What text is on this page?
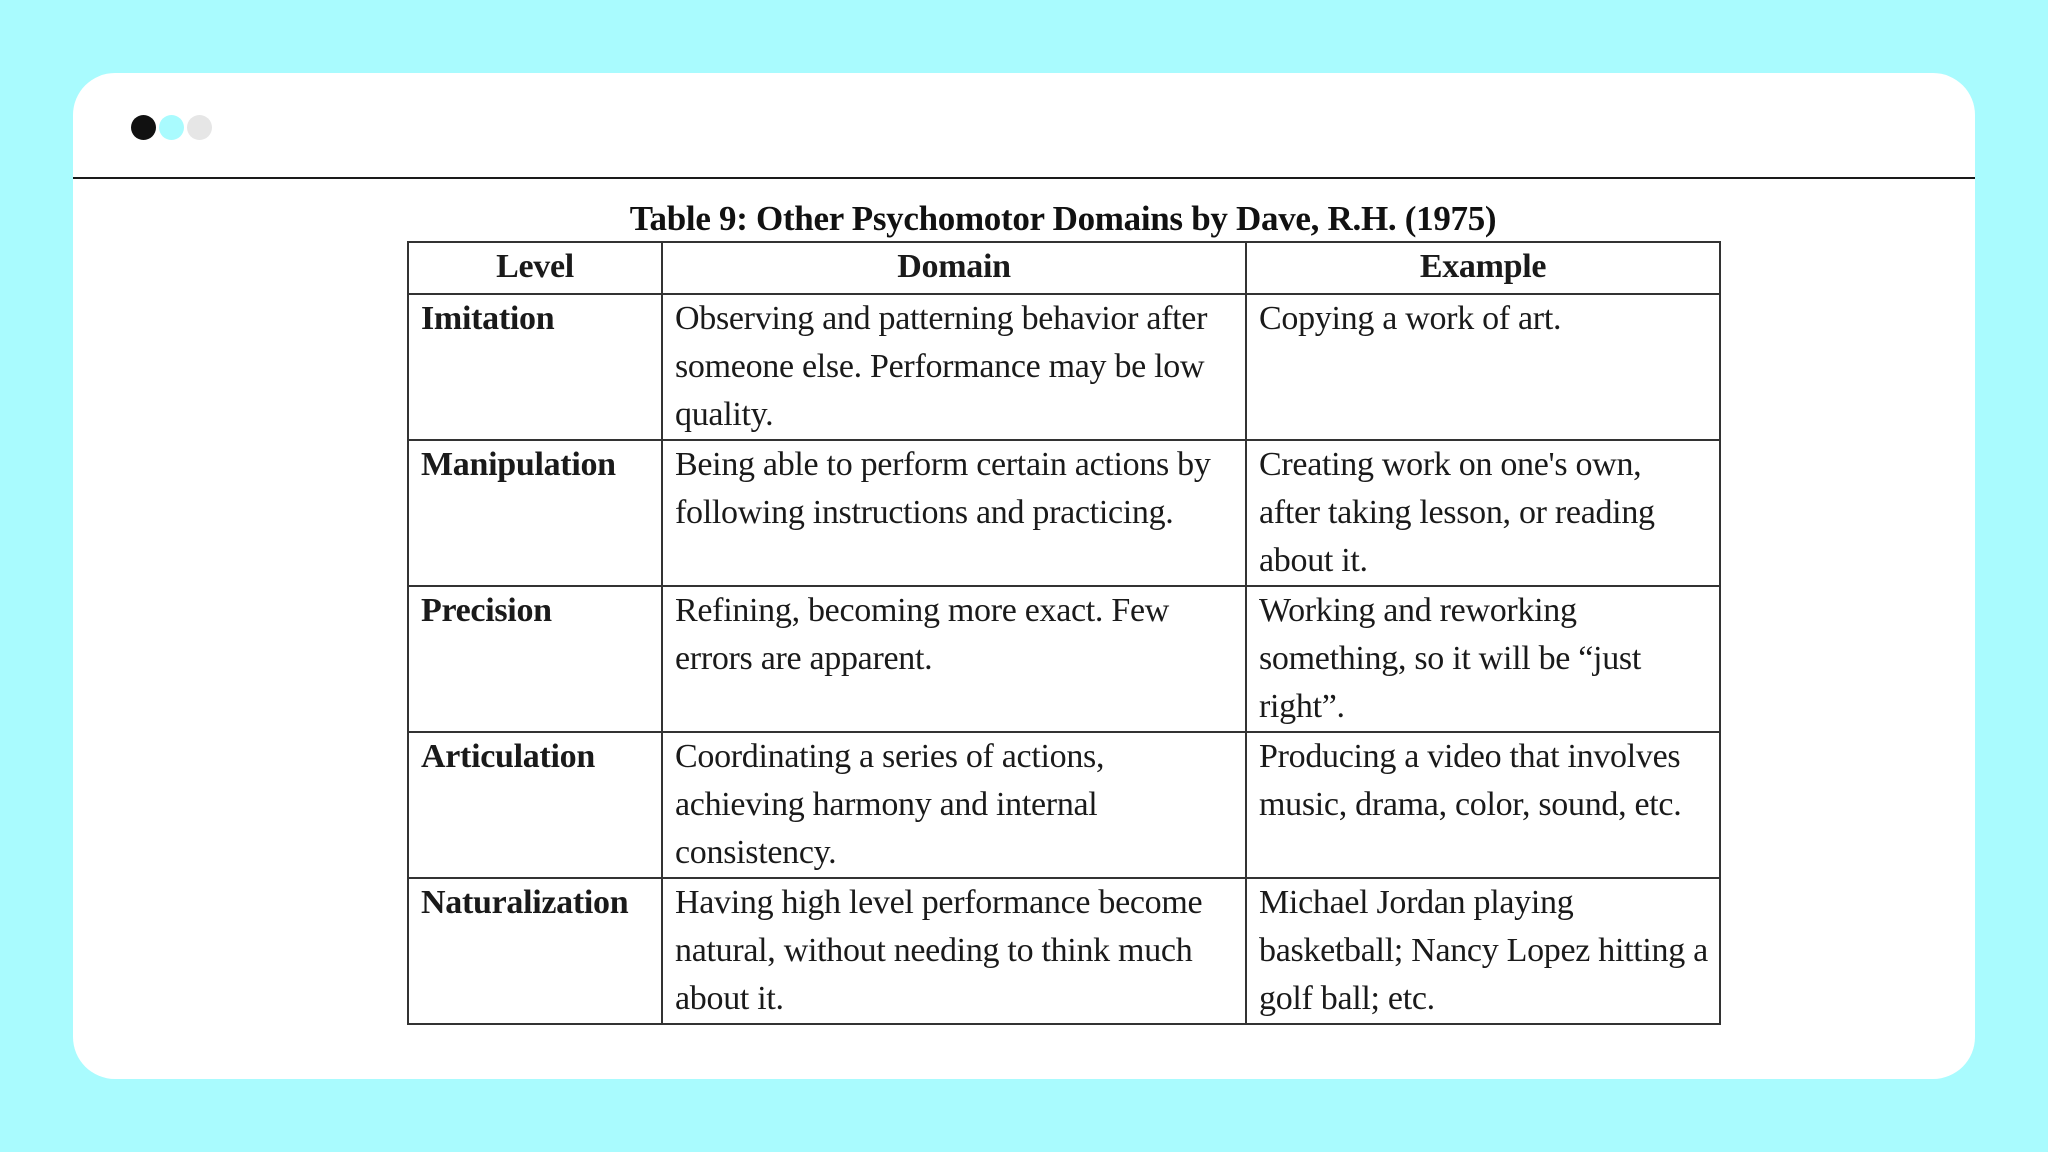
Table 9: Other Psychomotor Domains by Dave, R.H. (1975)
Level	Domain	Example
Imitation	Observing and patterning behavior after someone else. Performance may be low quality.	Copying a work of art.
Manipulation	Being able to perform certain actions by following instructions and practicing.	Creating work on one's own, after taking lesson, or reading about it.
Precision	Refining, becoming more exact. Few errors are apparent.	Working and reworking something, so it will be “just right”.
Articulation	Coordinating a series of actions, achieving harmony and internal consistency.	Producing a video that involves music, drama, color, sound, etc.
Naturalization	Having high level performance become natural, without needing to think much about it.	Michael Jordan playing basketball; Nancy Lopez hitting a golf ball; etc.
